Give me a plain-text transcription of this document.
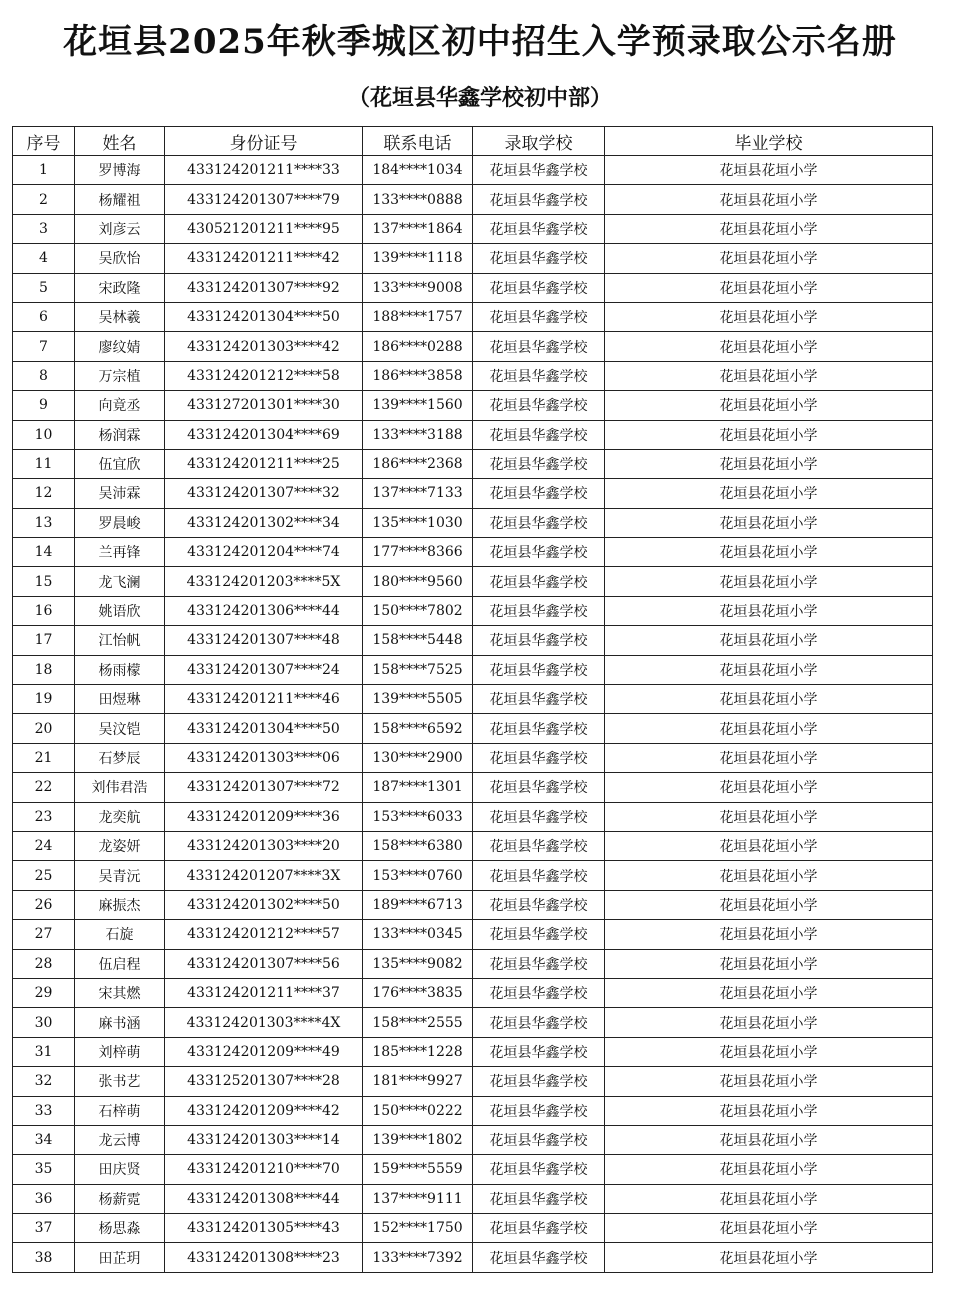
花垣县2025年秋季城区初中招生入学预录取公示名册
（花垣县华鑫学校初中部）
序号	姓名	身份证号	联系电话	录取学校	毕业学校
1	罗博海	433124201211****33	184****1034	花垣县华鑫学校	花垣县花垣小学
2	杨耀祖	433124201307****79	133****0888	花垣县华鑫学校	花垣县花垣小学
3	刘彦云	430521201211****95	137****1864	花垣县华鑫学校	花垣县花垣小学
4	吴欣怡	433124201211****42	139****1118	花垣县华鑫学校	花垣县花垣小学
5	宋政隆	433124201307****92	133****9008	花垣县华鑫学校	花垣县花垣小学
6	吴林羲	433124201304****50	188****1757	花垣县华鑫学校	花垣县花垣小学
7	廖纹婧	433124201303****42	186****0288	花垣县华鑫学校	花垣县花垣小学
8	万宗植	433124201212****58	186****3858	花垣县华鑫学校	花垣县花垣小学
9	向竟丞	433127201301****30	139****1560	花垣县华鑫学校	花垣县花垣小学
10	杨润霖	433124201304****69	133****3188	花垣县华鑫学校	花垣县花垣小学
11	伍宜欣	433124201211****25	186****2368	花垣县华鑫学校	花垣县花垣小学
12	吴沛霖	433124201307****32	137****7133	花垣县华鑫学校	花垣县花垣小学
13	罗晨峻	433124201302****34	135****1030	花垣县华鑫学校	花垣县花垣小学
14	兰再锋	433124201204****74	177****8366	花垣县华鑫学校	花垣县花垣小学
15	龙飞澜	433124201203****5X	180****9560	花垣县华鑫学校	花垣县花垣小学
16	姚语欣	433124201306****44	150****7802	花垣县华鑫学校	花垣县花垣小学
17	江怡帆	433124201307****48	158****5448	花垣县华鑫学校	花垣县花垣小学
18	杨雨檬	433124201307****24	158****7525	花垣县华鑫学校	花垣县花垣小学
19	田煜琳	433124201211****46	139****5505	花垣县华鑫学校	花垣县花垣小学
20	吴汶铠	433124201304****50	158****6592	花垣县华鑫学校	花垣县花垣小学
21	石梦辰	433124201303****06	130****2900	花垣县华鑫学校	花垣县花垣小学
22	刘伟君浩	433124201307****72	187****1301	花垣县华鑫学校	花垣县花垣小学
23	龙奕航	433124201209****36	153****6033	花垣县华鑫学校	花垣县花垣小学
24	龙姿妍	433124201303****20	158****6380	花垣县华鑫学校	花垣县花垣小学
25	吴青沅	433124201207****3X	153****0760	花垣县华鑫学校	花垣县花垣小学
26	麻振杰	433124201302****50	189****6713	花垣县华鑫学校	花垣县花垣小学
27	石旋	433124201212****57	133****0345	花垣县华鑫学校	花垣县花垣小学
28	伍启程	433124201307****56	135****9082	花垣县华鑫学校	花垣县花垣小学
29	宋其燃	433124201211****37	176****3835	花垣县华鑫学校	花垣县花垣小学
30	麻书涵	433124201303****4X	158****2555	花垣县华鑫学校	花垣县花垣小学
31	刘梓萌	433124201209****49	185****1228	花垣县华鑫学校	花垣县花垣小学
32	张书艺	433125201307****28	181****9927	花垣县华鑫学校	花垣县花垣小学
33	石梓萌	433124201209****42	150****0222	花垣县华鑫学校	花垣县花垣小学
34	龙云博	433124201303****14	139****1802	花垣县华鑫学校	花垣县花垣小学
35	田庆贤	433124201210****70	159****5559	花垣县华鑫学校	花垣县花垣小学
36	杨薪霓	433124201308****44	137****9111	花垣县华鑫学校	花垣县花垣小学
37	杨思淼	433124201305****43	152****1750	花垣县华鑫学校	花垣县花垣小学
38	田芷玥	433124201308****23	133****7392	花垣县华鑫学校	花垣县花垣小学
